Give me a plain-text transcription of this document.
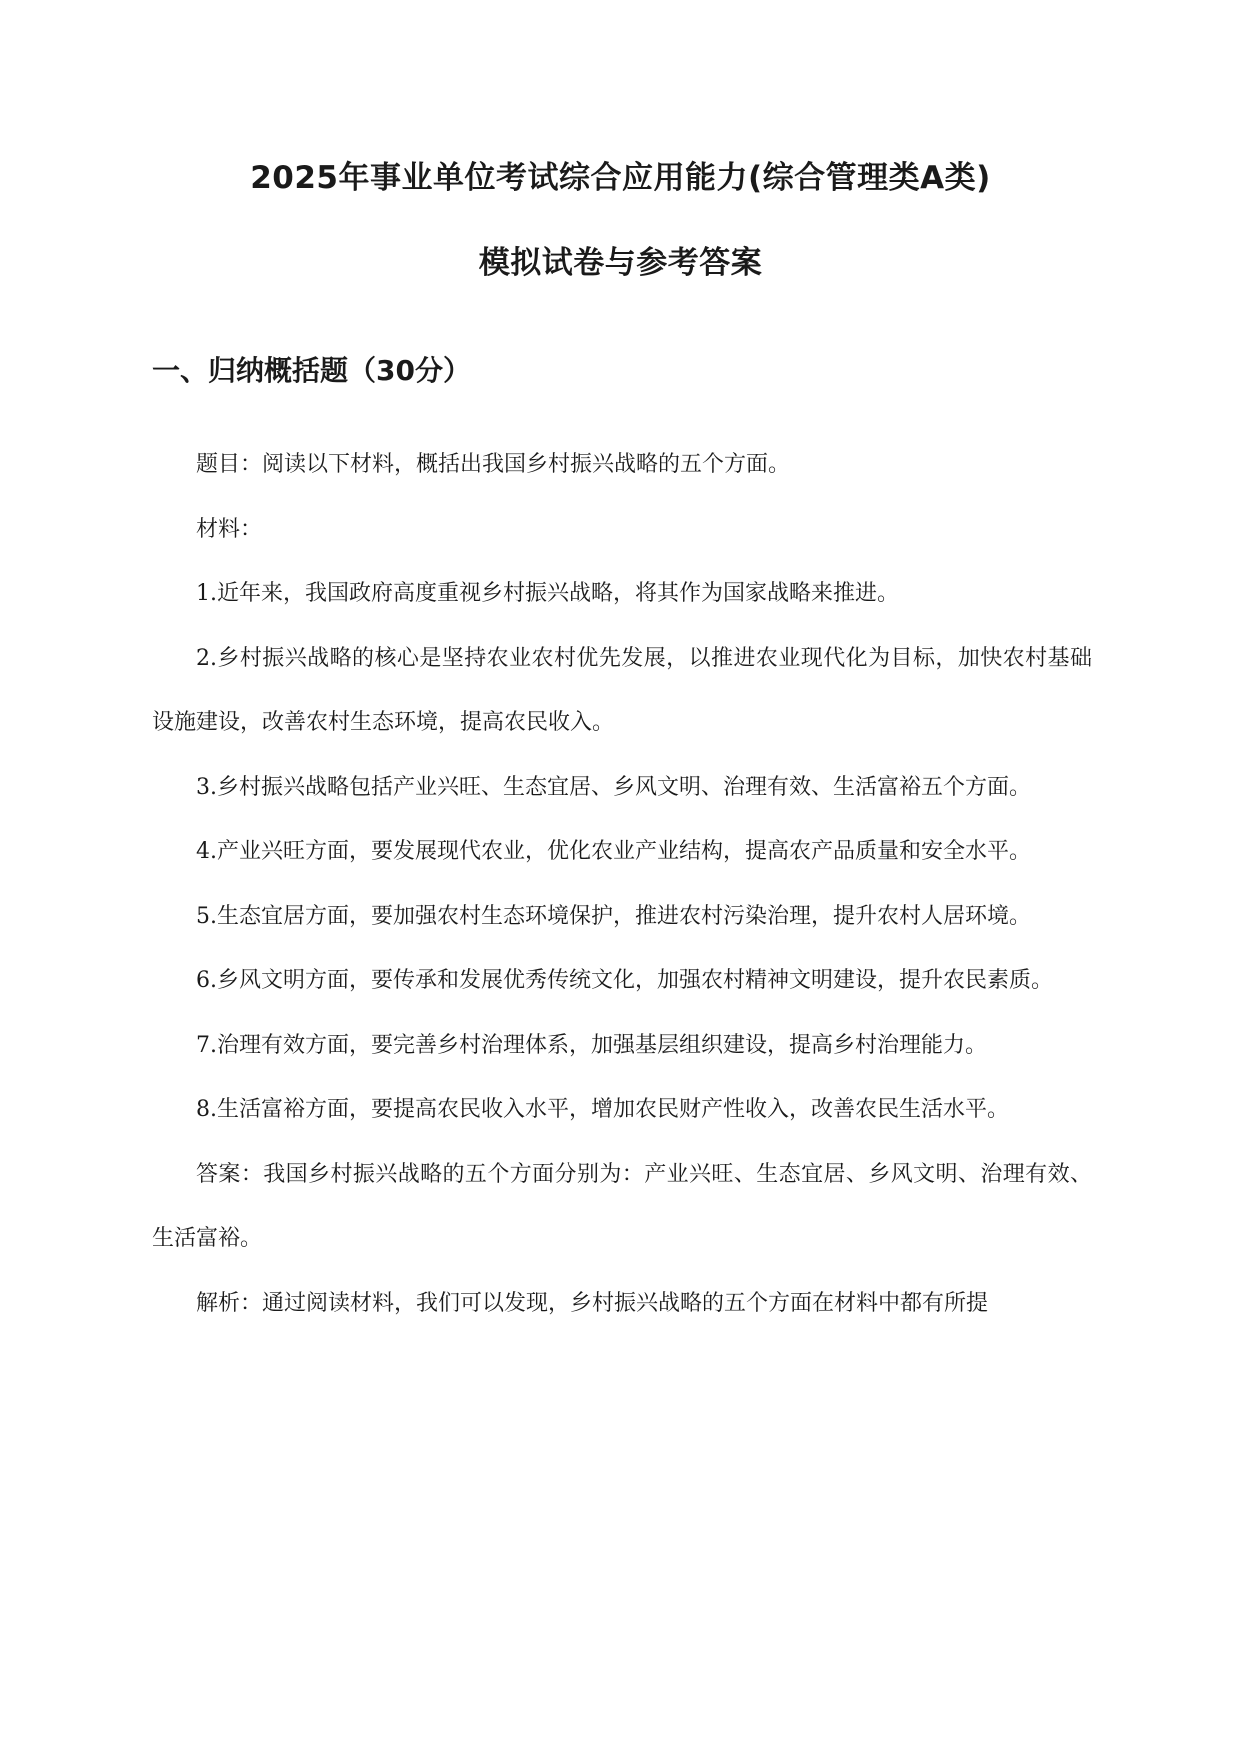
2025年事业单位考试综合应用能力(综合管理类A类)
模拟试卷与参考答案
一、归纳概括题（30分）

题目：阅读以下材料，概括出我国乡村振兴战略的五个方面。

材料：

1.近年来，我国政府高度重视乡村振兴战略，将其作为国家战略来推进。

2.乡村振兴战略的核心是坚持农业农村优先发展，以推进农业现代化为目标，加快农村基础设施建设，改善农村生态环境，提高农民收入。

3.乡村振兴战略包括产业兴旺、生态宜居、乡风文明、治理有效、生活富裕五个方面。

4.产业兴旺方面，要发展现代农业，优化农业产业结构，提高农产品质量和安全水平。

5.生态宜居方面，要加强农村生态环境保护，推进农村污染治理，提升农村人居环境。

6.乡风文明方面，要传承和发展优秀传统文化，加强农村精神文明建设，提升农民素质。

7.治理有效方面，要完善乡村治理体系，加强基层组织建设，提高乡村治理能力。

8.生活富裕方面，要提高农民收入水平，增加农民财产性收入，改善农民生活水平。

答案：我国乡村振兴战略的五个方面分别为：产业兴旺、生态宜居、乡风文明、治理有效、生活富裕。

解析：通过阅读材料，我们可以发现，乡村振兴战略的五个方面在材料中都有所提
